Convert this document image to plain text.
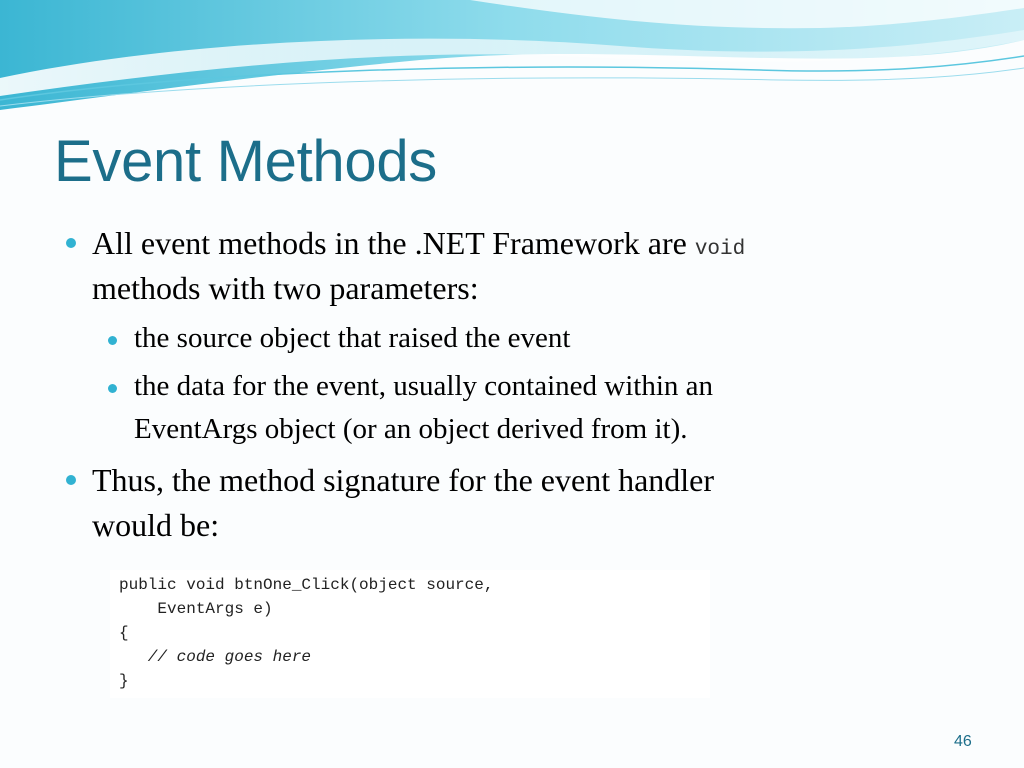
Event Methods
All event methods in the .NET Framework are void
methods with two parameters:
the source object that raised the event
the data for the event, usually contained within an
EventArgs object (or an object derived from it).
Thus, the method signature for the event handler
would be:
public void btnOne_Click(object source,
EventArgs e)
{
// code goes here
}
46
